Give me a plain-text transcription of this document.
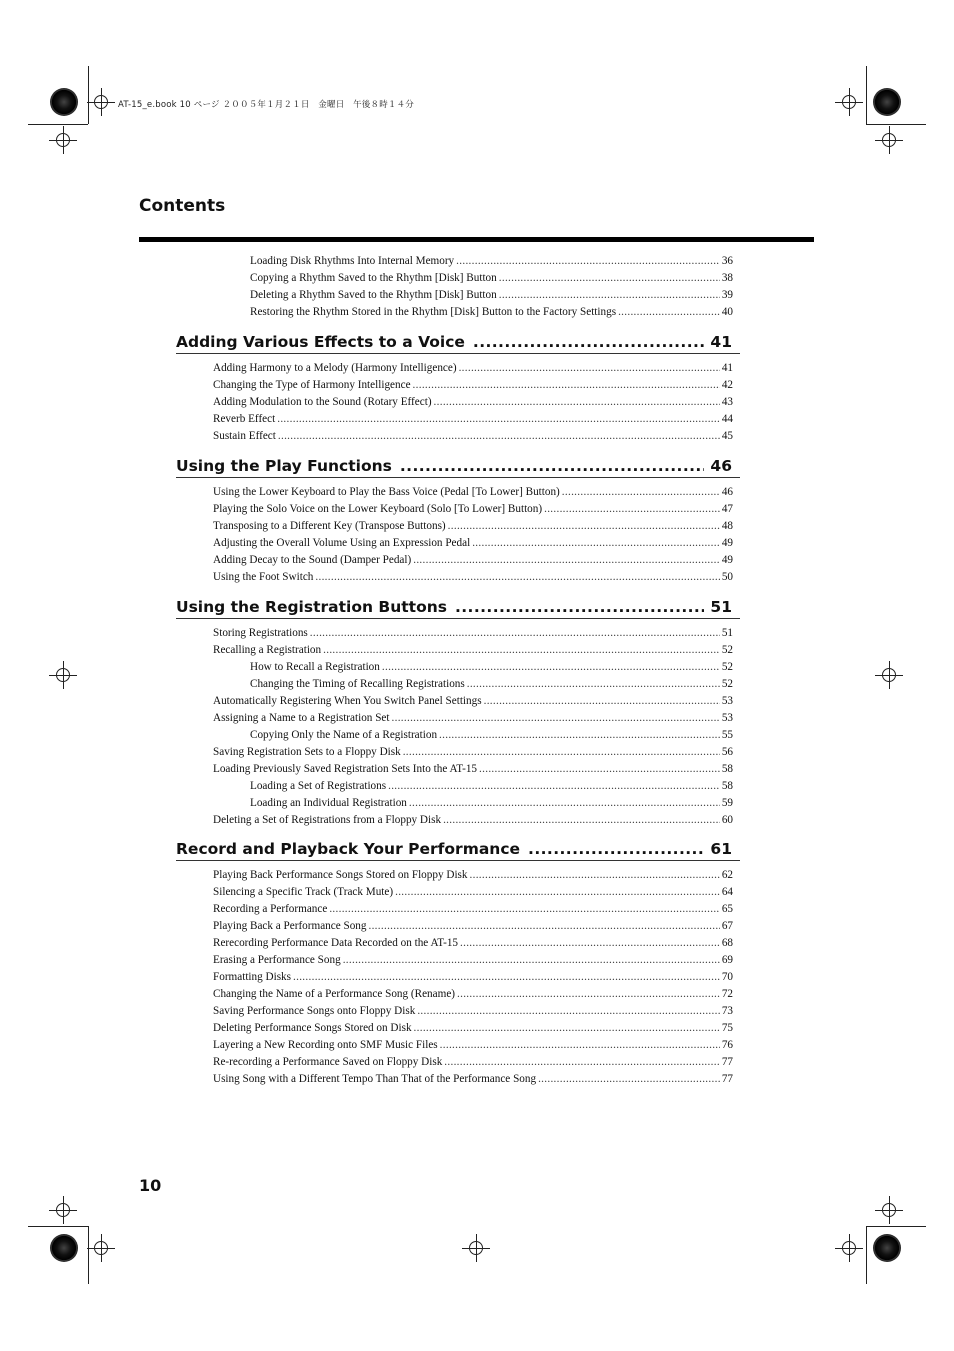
AT-15_e.book 10 ページ ２００５年１月２１日　金曜日　午後８時１４分
Contents
Loading Disk Rhythms Into Internal Memory .....	36
Copying a Rhythm Saved to the Rhythm [Disk] Button .....	38
Deleting a Rhythm Saved to the Rhythm [Disk] Button .....	39
Restoring the Rhythm Stored in the Rhythm [Disk] Button to the Factory Settings .....	40
Adding Various Effects to a Voice .....	41
Adding Harmony to a Melody (Harmony Intelligence) .....	41
Changing the Type of Harmony Intelligence .....	42
Adding Modulation to the Sound (Rotary Effect) .....	43
Reverb Effect .....	44
Sustain Effect .....	45
Using the Play Functions .....	46
Using the Lower Keyboard to Play the Bass Voice (Pedal [To Lower] Button) .....	46
Playing the Solo Voice on the Lower Keyboard (Solo [To Lower] Button) .....	47
Transposing to a Different Key (Transpose Buttons) .....	48
Adjusting the Overall Volume Using an Expression Pedal .....	49
Adding Decay to the Sound (Damper Pedal) .....	49
Using the Foot Switch .....	50
Using the Registration Buttons .....	51
Storing Registrations .....	51
Recalling a Registration .....	52
How to Recall a Registration .....	52
Changing the Timing of Recalling Registrations .....	52
Automatically Registering When You Switch Panel Settings .....	53
Assigning a Name to a Registration Set .....	53
Copying Only the Name of a Registration .....	55
Saving Registration Sets to a Floppy Disk .....	56
Loading Previously Saved Registration Sets Into the AT-15 .....	58
Loading a Set of Registrations .....	58
Loading an Individual Registration .....	59
Deleting a Set of Registrations from a Floppy Disk .....	60
Record and Playback Your Performance .....	61
Playing Back Performance Songs Stored on Floppy Disk .....	62
Silencing a Specific Track (Track Mute) .....	64
Recording a Performance .....	65
Playing Back a Performance Song .....	67
Rerecording Performance Data Recorded on the AT-15 .....	68
Erasing a Performance Song .....	69
Formatting Disks .....	70
Changing the Name of a Performance Song (Rename) .....	72
Saving Performance Songs onto Floppy Disk .....	73
Deleting Performance Songs Stored on Disk .....	75
Layering a New Recording onto SMF Music Files .....	76
Re-recording a Performance Saved on Floppy Disk .....	77
Using Song with a Different Tempo Than That of the Performance Song .....	77
10
